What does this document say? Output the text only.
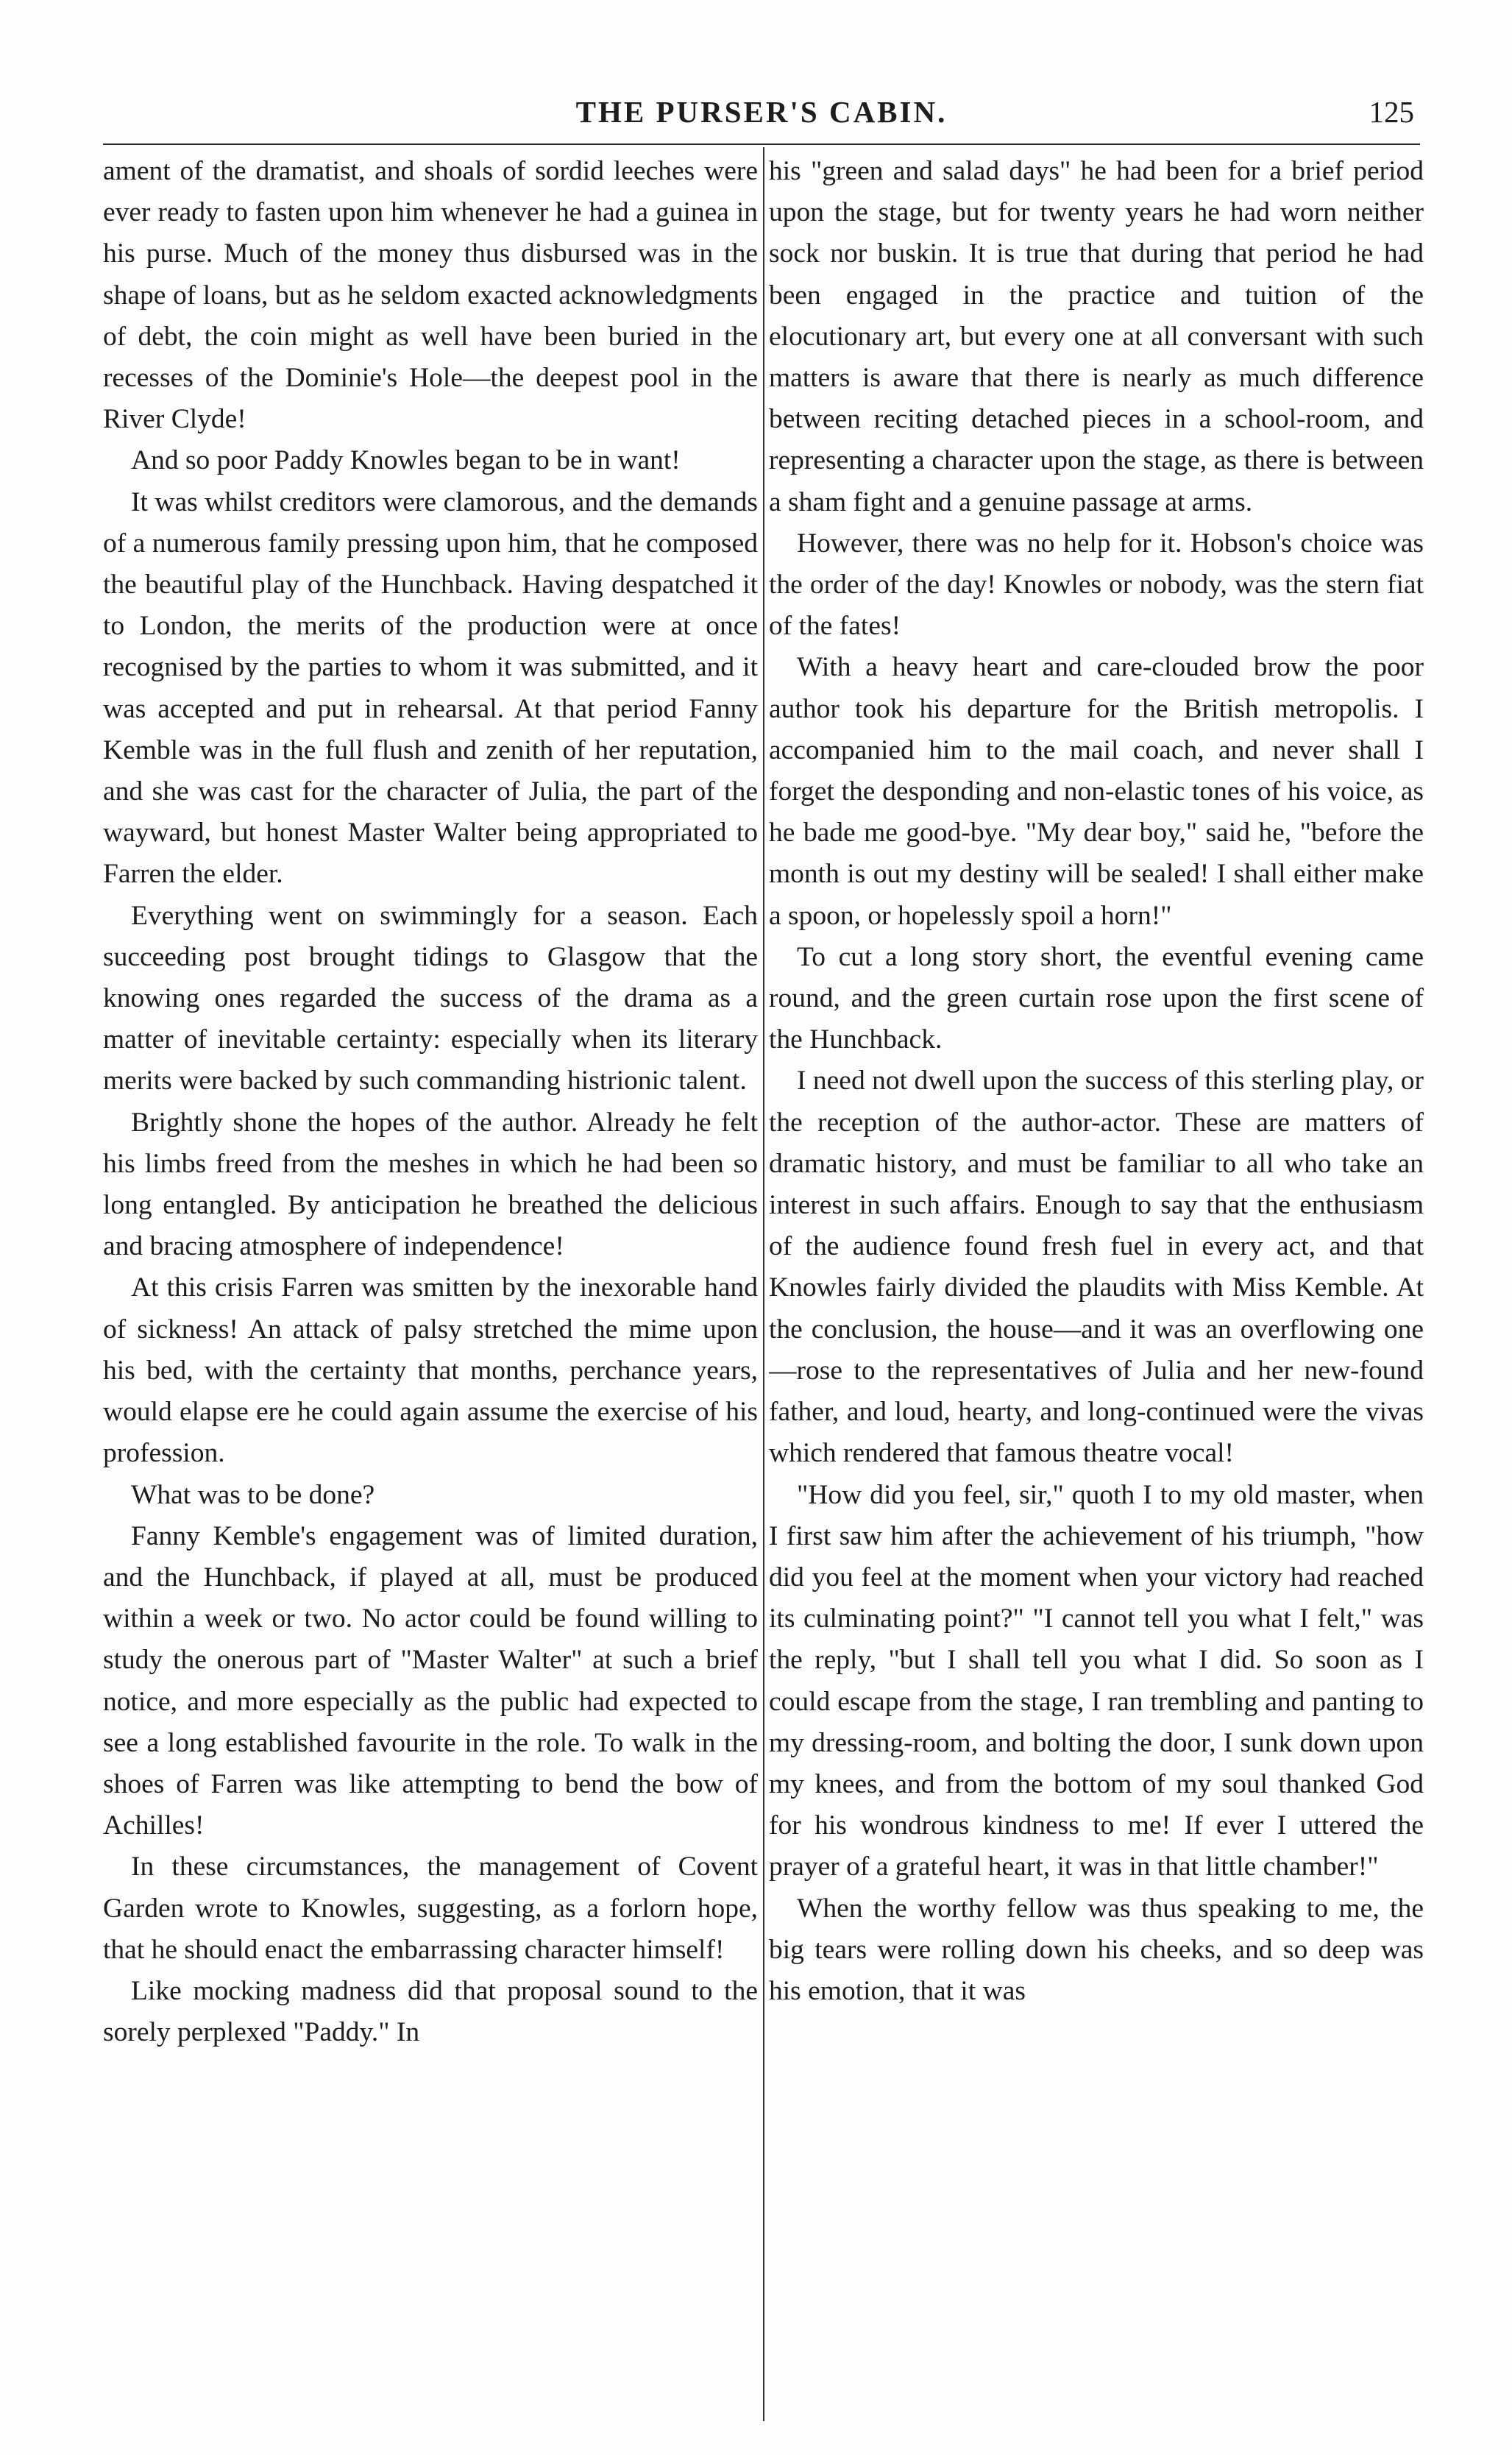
THE PURSER'S CABIN.	125

ament of the dramatist, and shoals of sordid leeches were ever ready to fasten upon him whenever he had a guinea in his purse. Much of the money thus disbursed was in the shape of loans, but as he seldom exacted acknowledgments of debt, the coin might as well have been buried in the recesses of the Dominie's Hole—the deepest pool in the River Clyde!

And so poor Paddy Knowles began to be in want!

It was whilst creditors were clamorous, and the demands of a numerous family pressing upon him, that he composed the beautiful play of the Hunchback. Having despatched it to London, the merits of the production were at once recognised by the parties to whom it was submitted, and it was accepted and put in rehearsal. At that period Fanny Kemble was in the full flush and zenith of her reputation, and she was cast for the character of Julia, the part of the wayward, but honest Master Walter being appropriated to Farren the elder.

Everything went on swimmingly for a season. Each succeeding post brought tidings to Glasgow that the knowing ones regarded the success of the drama as a matter of inevitable certainty: especially when its literary merits were backed by such commanding histrionic talent.

Brightly shone the hopes of the author. Already he felt his limbs freed from the meshes in which he had been so long entangled. By anticipation he breathed the delicious and bracing atmosphere of independence!

At this crisis Farren was smitten by the inexorable hand of sickness! An attack of palsy stretched the mime upon his bed, with the certainty that months, perchance years, would elapse ere he could again assume the exercise of his profession.

What was to be done?

Fanny Kemble's engagement was of limited duration, and the Hunchback, if played at all, must be produced within a week or two. No actor could be found willing to study the onerous part of "Master Walter" at such a brief notice, and more especially as the public had expected to see a long established favourite in the role. To walk in the shoes of Farren was like attempting to bend the bow of Achilles!

In these circumstances, the management of Covent Garden wrote to Knowles, suggesting, as a forlorn hope, that he should enact the embarrassing character himself!

Like mocking madness did that proposal sound to the sorely perplexed "Paddy." In

his "green and salad days" he had been for a brief period upon the stage, but for twenty years he had worn neither sock nor buskin. It is true that during that period he had been engaged in the practice and tuition of the elocutionary art, but every one at all conversant with such matters is aware that there is nearly as much difference between reciting detached pieces in a school-room, and representing a character upon the stage, as there is between a sham fight and a genuine passage at arms.

However, there was no help for it. Hobson's choice was the order of the day! Knowles or nobody, was the stern fiat of the fates!

With a heavy heart and care-clouded brow the poor author took his departure for the British metropolis. I accompanied him to the mail coach, and never shall I forget the desponding and non-elastic tones of his voice, as he bade me good-bye. "My dear boy," said he, "before the month is out my destiny will be sealed! I shall either make a spoon, or hopelessly spoil a horn!"

To cut a long story short, the eventful evening came round, and the green curtain rose upon the first scene of the Hunchback.

I need not dwell upon the success of this sterling play, or the reception of the author-actor. These are matters of dramatic history, and must be familiar to all who take an interest in such affairs. Enough to say that the enthusiasm of the audience found fresh fuel in every act, and that Knowles fairly divided the plaudits with Miss Kemble. At the conclusion, the house—and it was an overflowing one—rose to the representatives of Julia and her new-found father, and loud, hearty, and long-continued were the vivas which rendered that famous theatre vocal!

"How did you feel, sir," quoth I to my old master, when I first saw him after the achievement of his triumph, "how did you feel at the moment when your victory had reached its culminating point?" "I cannot tell you what I felt," was the reply, "but I shall tell you what I did. So soon as I could escape from the stage, I ran trembling and panting to my dressing-room, and bolting the door, I sunk down upon my knees, and from the bottom of my soul thanked God for his wondrous kindness to me! If ever I uttered the prayer of a grateful heart, it was in that little chamber!"

When the worthy fellow was thus speaking to me, the big tears were rolling down his cheeks, and so deep was his emotion, that it was
